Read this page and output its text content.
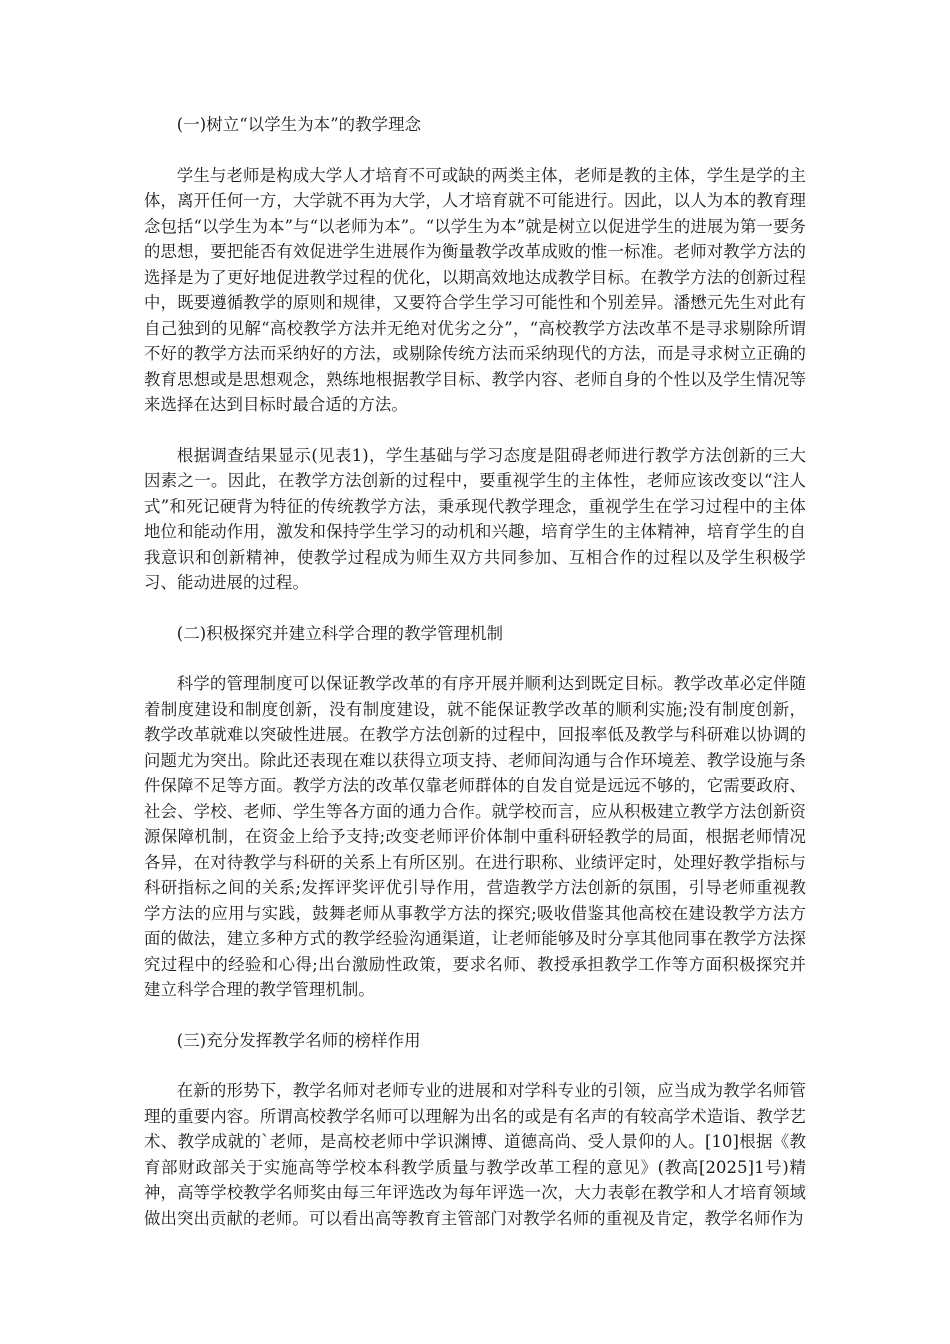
(一)树立“以学生为本”的教学理念
学生与老师是构成大学人才培育不可或缺的两类主体，老师是教的主体，学生是学的主体，离开任何一方，大学就不再为大学，人才培育就不可能进行。因此，以人为本的教育理念包括“以学生为本”与“以老师为本”。“以学生为本”就是树立以促进学生的进展为第一要务的思想，要把能否有效促进学生进展作为衡量教学改革成败的惟一标准。老师对教学方法的选择是为了更好地促进教学过程的优化，以期高效地达成教学目标。在教学方法的创新过程中，既要遵循教学的原则和规律，又要符合学生学习可能性和个别差异。潘懋元先生对此有自己独到的见解“高校教学方法并无绝对优劣之分”，“高校教学方法改革不是寻求剔除所谓不好的教学方法而采纳好的方法，或剔除传统方法而采纳现代的方法，而是寻求树立正确的教育思想或是思想观念，熟练地根据教学目标、教学内容、老师自身的个性以及学生情况等来选择在达到目标时最合适的方法。
根据调查结果显示(见表1)，学生基础与学习态度是阻碍老师进行教学方法创新的三大因素之一。因此，在教学方法创新的过程中，要重视学生的主体性，老师应该改变以“注人式”和死记硬背为特征的传统教学方法，秉承现代教学理念，重视学生在学习过程中的主体地位和能动作用，激发和保持学生学习的动机和兴趣，培育学生的主体精神，培育学生的自我意识和创新精神，使教学过程成为师生双方共同参加、互相合作的过程以及学生积极学习、能动进展的过程。
(二)积极探究并建立科学合理的教学管理机制
科学的管理制度可以保证教学改革的有序开展并顺利达到既定目标。教学改革必定伴随着制度建设和制度创新，没有制度建设，就不能保证教学改革的顺利实施;没有制度创新，教学改革就难以突破性进展。在教学方法创新的过程中，回报率低及教学与科研难以协调的问题尤为突出。除此还表现在难以获得立项支持、老师间沟通与合作环境差、教学设施与条件保障不足等方面。教学方法的改革仅靠老师群体的自发自觉是远远不够的，它需要政府、社会、学校、老师、学生等各方面的通力合作。就学校而言，应从积极建立教学方法创新资源保障机制，在资金上给予支持;改变老师评价体制中重科研轻教学的局面，根据老师情况各异，在对待教学与科研的关系上有所区别。在进行职称、业绩评定时，处理好教学指标与科研指标之间的关系;发挥评奖评优引导作用，营造教学方法创新的氛围，引导老师重视教学方法的应用与实践，鼓舞老师从事教学方法的探究;吸收借鉴其他高校在建设教学方法方面的做法，建立多种方式的教学经验沟通渠道，让老师能够及时分享其他同事在教学方法探究过程中的经验和心得;出台激励性政策，要求名师、教授承担教学工作等方面积极探究并建立科学合理的教学管理机制。
(三)充分发挥教学名师的榜样作用
在新的形势下，教学名师对老师专业的进展和对学科专业的引领，应当成为教学名师管理的重要内容。所谓高校教学名师可以理解为出名的或是有名声的有较高学术造诣、教学艺术、教学成就的`老师，是高校老师中学识渊博、道德高尚、受人景仰的人。[10]根据《教育部财政部关于实施高等学校本科教学质量与教学改革工程的意见》(教高[2025]1号)精神，高等学校教学名师奖由每三年评选改为每年评选一次，大力表彰在教学和人才培育领域做出突出贡献的老师。可以看出高等教育主管部门对教学名师的重视及肯定，教学名师作为
